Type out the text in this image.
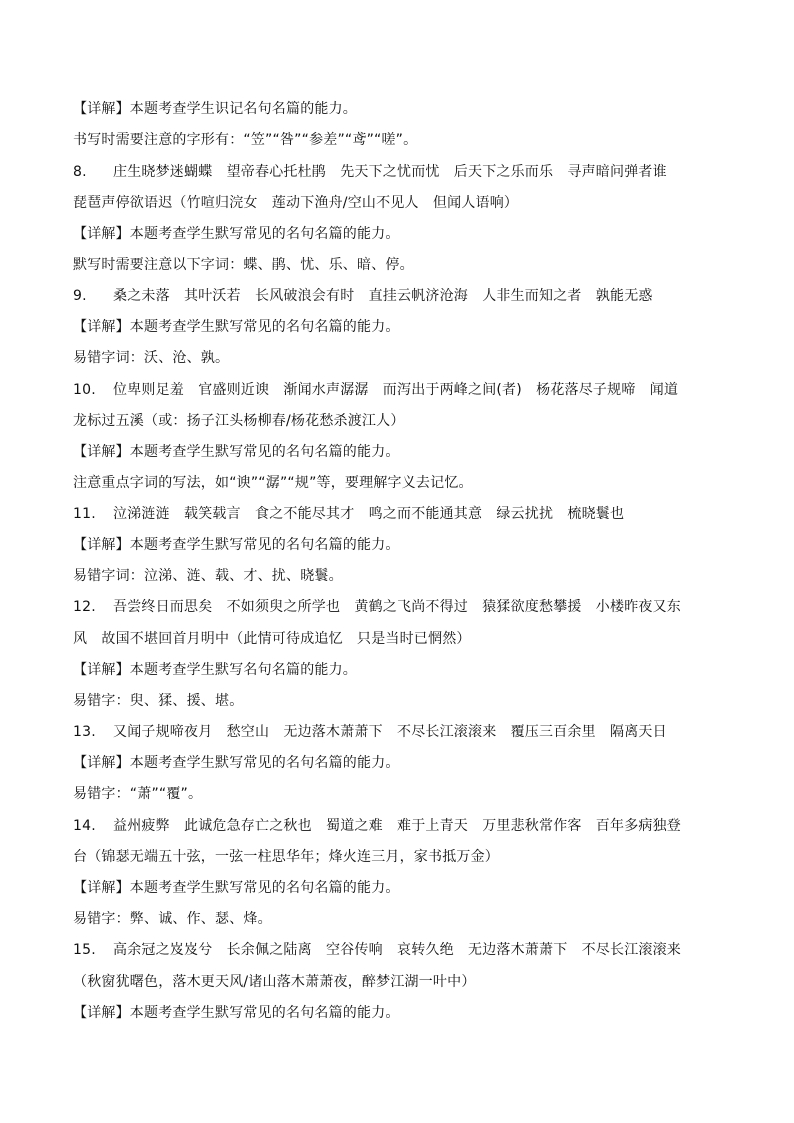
【详解】本题考查学生识记名句名篇的能力。
书写时需要注意的字形有：“笠”“咎”“参差”“鸢”“嗟”。
8. 庄生晓梦迷蝴蝶　望帝春心托杜鹃　先天下之忧而忧　后天下之乐而乐　寻声暗问弹者谁
琵琶声停欲语迟（竹喧归浣女　莲动下渔舟/空山不见人　但闻人语响）
【详解】本题考查学生默写常见的名句名篇的能力。
默写时需要注意以下字词：蝶、鹃、忧、乐、暗、停。
9. 桑之未落　其叶沃若　长风破浪会有时　直挂云帆济沧海　人非生而知之者　孰能无惑
【详解】本题考查学生默写常见的名句名篇的能力。
易错字词：沃、沧、孰。
10. 位卑则足羞　官盛则近谀　渐闻水声潺潺　而泻出于两峰之间(者)　杨花落尽子规啼　闻道
龙标过五溪（或：扬子江头杨柳春/杨花愁杀渡江人）
【详解】本题考查学生默写常见的名句名篇的能力。
注意重点字词的写法，如“谀”“潺”“规”等，要理解字义去记忆。
11. 泣涕涟涟　载笑载言　食之不能尽其才　鸣之而不能通其意　绿云扰扰　梳晓鬟也
【详解】本题考查学生默写常见的名句名篇的能力。
易错字词：泣涕、涟、载、才、扰、晓鬟。
12. 吾尝终日而思矣　不如须臾之所学也　黄鹤之飞尚不得过　猿猱欲度愁攀援　小楼昨夜又东
风　故国不堪回首月明中（此情可待成追忆　只是当时已惘然）
【详解】本题考查学生默写名句名篇的能力。
易错字：臾、猱、援、堪。
13. 又闻子规啼夜月　愁空山　无边落木萧萧下　不尽长江滚滚来　覆压三百余里　隔离天日
【详解】本题考查学生默写常见的名句名篇的能力。
易错字：“萧”“覆”。
14. 益州疲弊　此诚危急存亡之秋也　蜀道之难　难于上青天　万里悲秋常作客　百年多病独登
台（锦瑟无端五十弦，一弦一柱思华年；烽火连三月，家书抵万金）
【详解】本题考查学生默写常见的名句名篇的能力。
易错字：弊、诚、作、瑟、烽。
15. 高余冠之岌岌兮　长余佩之陆离　空谷传响　哀转久绝　无边落木萧萧下　不尽长江滚滚来
（秋窗犹曙色，落木更天风/诸山落木萧萧夜，醉梦江湖一叶中）
【详解】本题考查学生默写常见的名句名篇的能力。
